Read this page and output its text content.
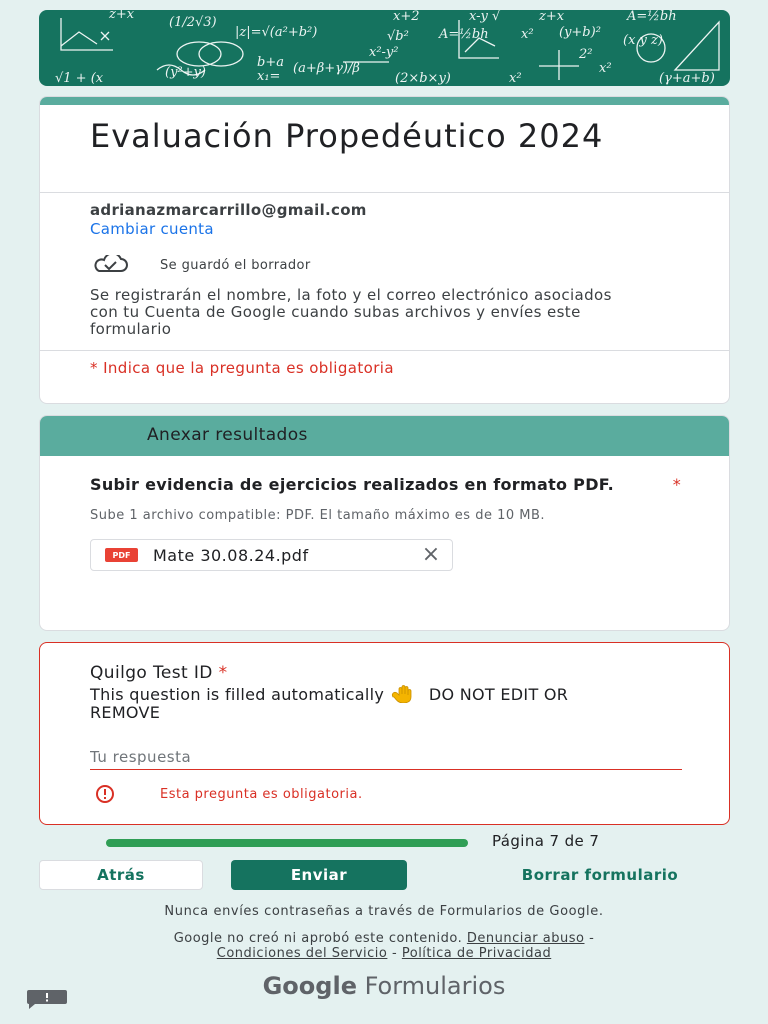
z+x
(1/2√3)
|z|=√(a²+b²)	√b²
x+2	x-y √	z+x	A=½bh
A=½bh x² (y+b)²
(x y z)
√1 + (x	(y²+y)
b+a
x₁=
(a+β+γ)/β
x²-y²
(2×b×y)	x²	(γ+a+b)
x²
2²
Evaluación Propedéutico 2024
adrianazmarcarrillo@gmail.com
Cambiar cuenta
Se guardó el borrador
Se registrarán el nombre, la foto y el correo electrónico asociados con tu Cuenta de Google cuando subas archivos y envíes este formulario
* Indica que la pregunta es obligatoria
Anexar resultados
Subir evidencia de ejercicios realizados en formato PDF.	*
Sube 1 archivo compatible: PDF. El tamaño máximo es de 10 MB.
PDF	Mate 30.08.24.pdf	×
Quilgo Test ID *
This question is filled automatically  DO NOT EDIT OR REMOVE
Tu respuesta
Esta pregunta es obligatoria.
Página 7 de 7
Atrás	Enviar	Borrar formulario
Nunca envíes contraseñas a través de Formularios de Google.
Google no creó ni aprobó este contenido. Denunciar abuso -
Condiciones del Servicio - Política de Privacidad
Google Formularios
